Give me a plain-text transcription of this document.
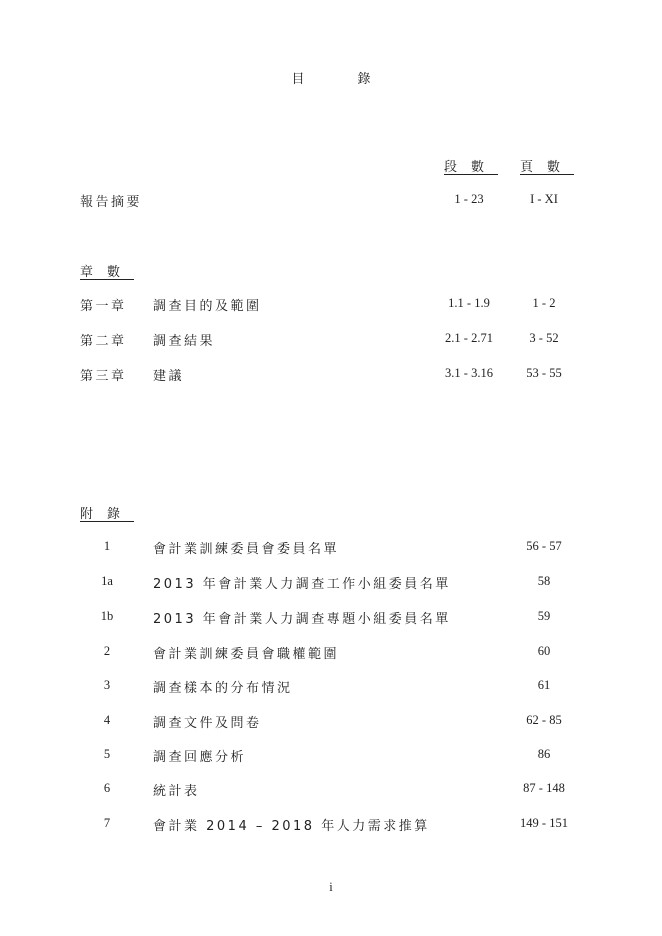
目　錄
段數 頁數
報告摘要	1 - 23	I - XI
章數
第一章 調查目的及範圍	1.1 - 1.9	1 - 2
第二章 調查結果	2.1 - 2.71	3 - 52
第三章 建議	3.1 - 3.16	53 - 55
附錄
1	會計業訓練委員會委員名單	56 - 57
1a	2013 年會計業人力調查工作小組委員名單	58
1b	2013 年會計業人力調查專題小組委員名單	59
2	會計業訓練委員會職權範圍	60
3	調查樣本的分布情況	61
4	調查文件及問卷	62 - 85
5	調查回應分析	86
6	統計表	87 - 148
7	會計業 2014 – 2018 年人力需求推算	149 - 151
i
